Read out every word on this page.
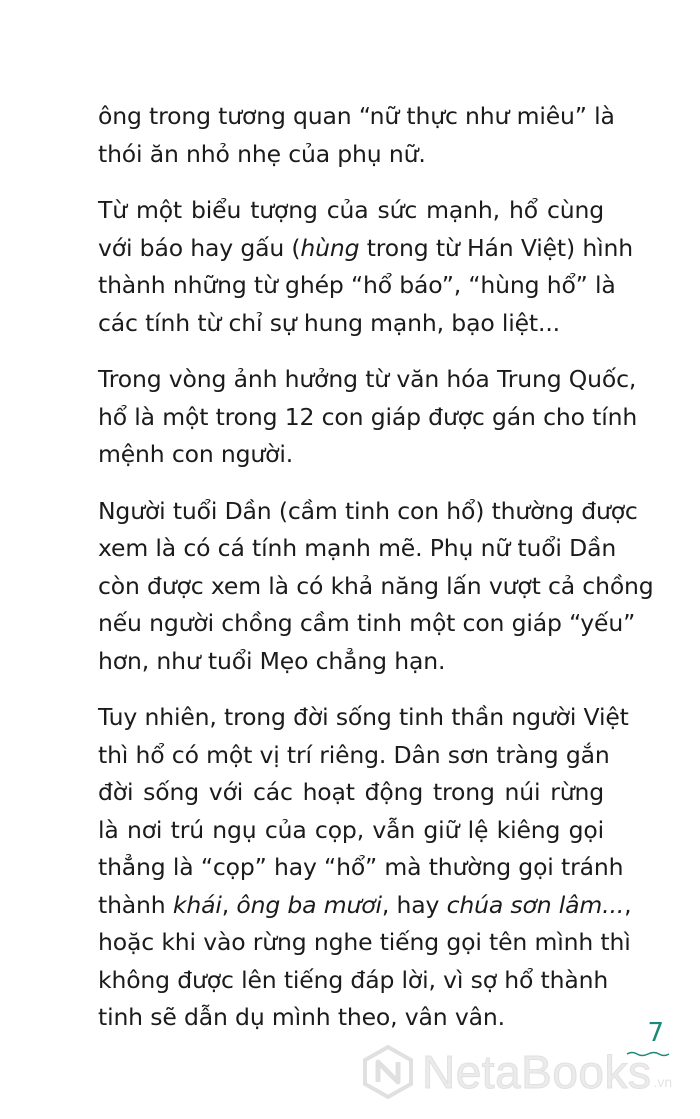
ông trong tương quan “nữ thực như miêu” là
thói ăn nhỏ nhẹ của phụ nữ.

Từ một biểu tượng của sức mạnh, hổ cùng
với báo hay gấu (hùng trong từ Hán Việt) hình
thành những từ ghép “hổ báo”, “hùng hổ” là
các tính từ chỉ sự hung mạnh, bạo liệt...

Trong vòng ảnh hưởng từ văn hóa Trung Quốc,
hổ là một trong 12 con giáp được gán cho tính
mệnh con người.

Người tuổi Dần (cầm tinh con hổ) thường được
xem là có cá tính mạnh mẽ. Phụ nữ tuổi Dần
còn được xem là có khả năng lấn vượt cả chồng
nếu người chồng cầm tinh một con giáp “yếu”
hơn, như tuổi Mẹo chẳng hạn.

Tuy nhiên, trong đời sống tinh thần người Việt
thì hổ có một vị trí riêng. Dân sơn tràng gắn
đời sống với các hoạt động trong núi rừng
là nơi trú ngụ của cọp, vẫn giữ lệ kiêng gọi
thẳng là “cọp” hay “hổ” mà thường gọi tránh
thành khái, ông ba mươi, hay chúa sơn lâm...,
hoặc khi vào rừng nghe tiếng gọi tên mình thì
không được lên tiếng đáp lời, vì sợ hổ thành
tinh sẽ dẫn dụ mình theo, vân vân.

7
NetaBooks .vn
